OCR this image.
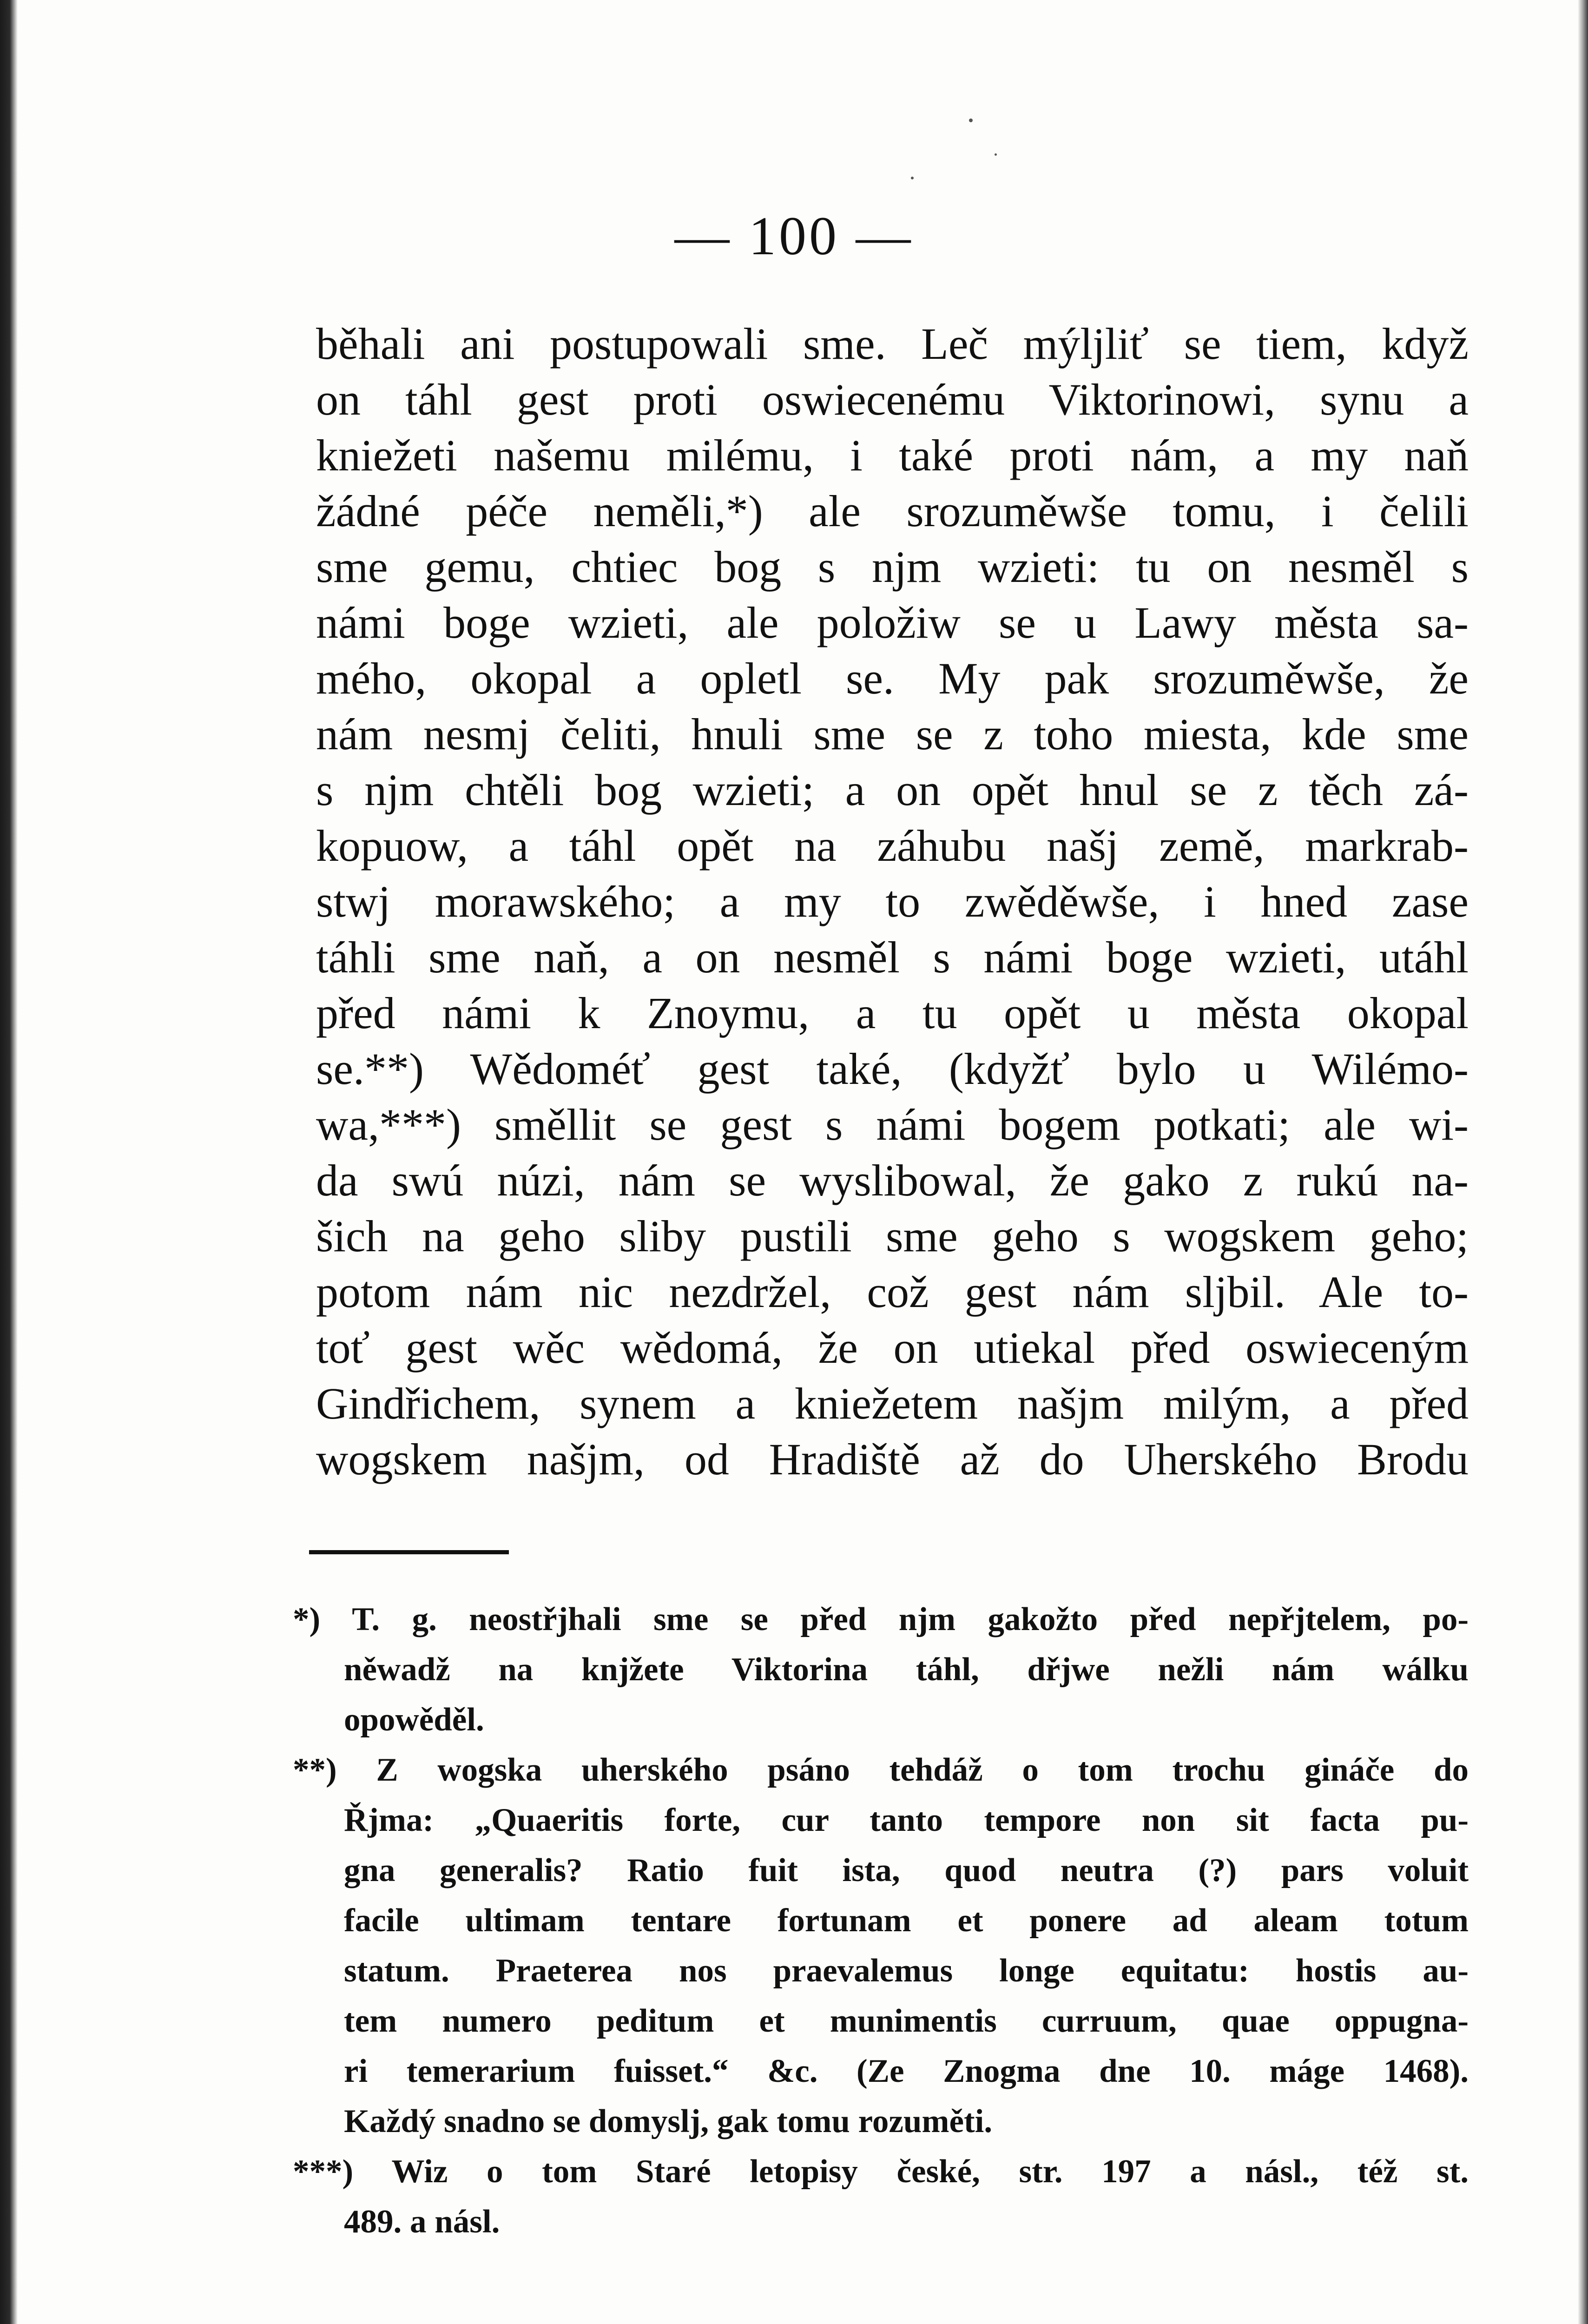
— 100 —
běhali ani postupowali sme. Leč mýljliť se tiem, když
on táhl gest proti oswiecenému Viktorinowi, synu a
kniežeti našemu milému, i také proti nám, a my naň
žádné péče neměli,*) ale srozuměwše tomu, i čelili
sme gemu, chtiec bog s njm wzieti: tu on nesměl s
námi boge wzieti, ale položiw se u Lawy města sa-
mého, okopal a opletl se. My pak srozuměwše, že
nám nesmj čeliti, hnuli sme se z toho miesta, kde sme
s njm chtěli bog wzieti; a on opět hnul se z těch zá-
kopuow, a táhl opět na záhubu našj země, markrab-
stwj morawského; a my to zwěděwše, i hned zase
táhli sme naň, a on nesměl s námi boge wzieti, utáhl
před námi k Znoymu, a tu opět u města okopal
se.**) Wědoméť gest také, (kdyžť bylo u Wilémo-
wa,***) směllit se gest s námi bogem potkati; ale wi-
da swú núzi, nám se wyslibowal, že gako z rukú na-
šich na geho sliby pustili sme geho s wogskem geho;
potom nám nic nezdržel, což gest nám sljbil. Ale to-
toť gest wěc wědomá, že on utiekal před oswieceným
Gindřichem, synem a kniežetem našjm milým, a před
wogskem našjm, od Hradiště až do Uherského Brodu
*) T. g. neostřjhali sme se před njm gakožto před nepřjtelem, po-
něwadž na knjžete Viktorina táhl, dřjwe nežli nám wálku
opowěděl.
**) Z wogska uherského psáno tehdáž o tom trochu gináče do
Řjma: „Quaeritis forte, cur tanto tempore non sit facta pu-
gna generalis? Ratio fuit ista, quod neutra (?) pars voluit
facile ultimam tentare fortunam et ponere ad aleam totum
statum. Praeterea nos praevalemus longe equitatu: hostis au-
tem numero peditum et munimentis curruum, quae oppugna-
ri temerarium fuisset.“ &c. (Ze Znogma dne 10. máge 1468).
Každý snadno se domyslj, gak tomu rozuměti.
***) Wiz o tom Staré letopisy české, str. 197 a násl., též st.
489. a násl.
